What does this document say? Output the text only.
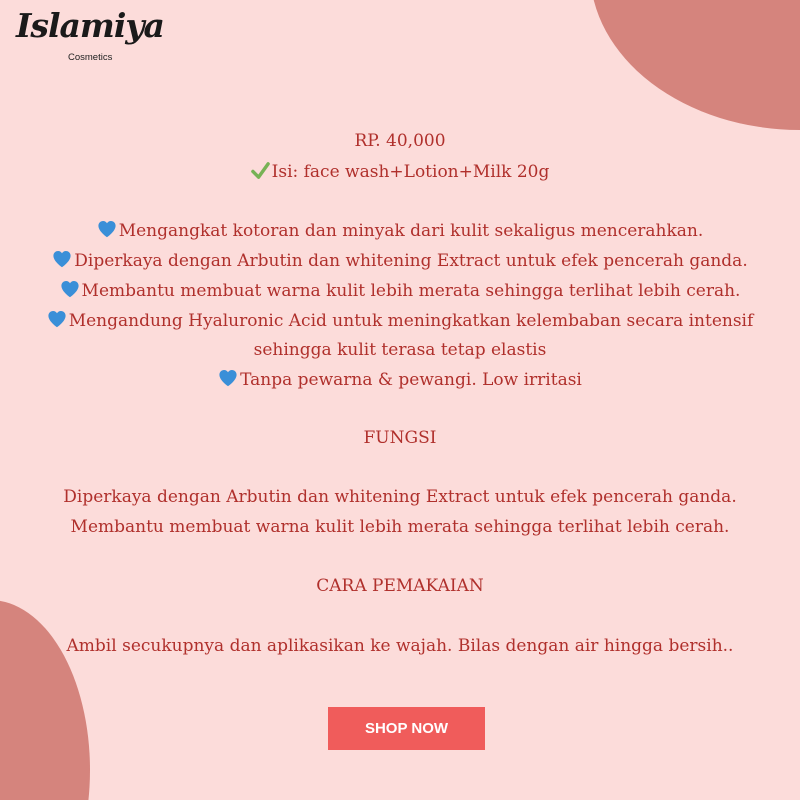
Islamiya
Cosmetics
RP. 40,000
Isi: face wash+Lotion+Milk 20g
Mengangkat kotoran dan minyak dari kulit sekaligus mencerahkan.
Diperkaya dengan Arbutin dan whitening Extract untuk efek pencerah ganda.
Membantu membuat warna kulit lebih merata sehingga terlihat lebih cerah.
Mengandung Hyaluronic Acid untuk meningkatkan kelembaban secara intensif
sehingga kulit terasa tetap elastis
Tanpa pewarna & pewangi. Low irritasi
FUNGSI
Diperkaya dengan Arbutin dan whitening Extract untuk efek pencerah ganda.
Membantu membuat warna kulit lebih merata sehingga terlihat lebih cerah.
CARA PEMAKAIAN
Ambil secukupnya dan aplikasikan ke wajah. Bilas dengan air hingga bersih..
SHOP NOW
